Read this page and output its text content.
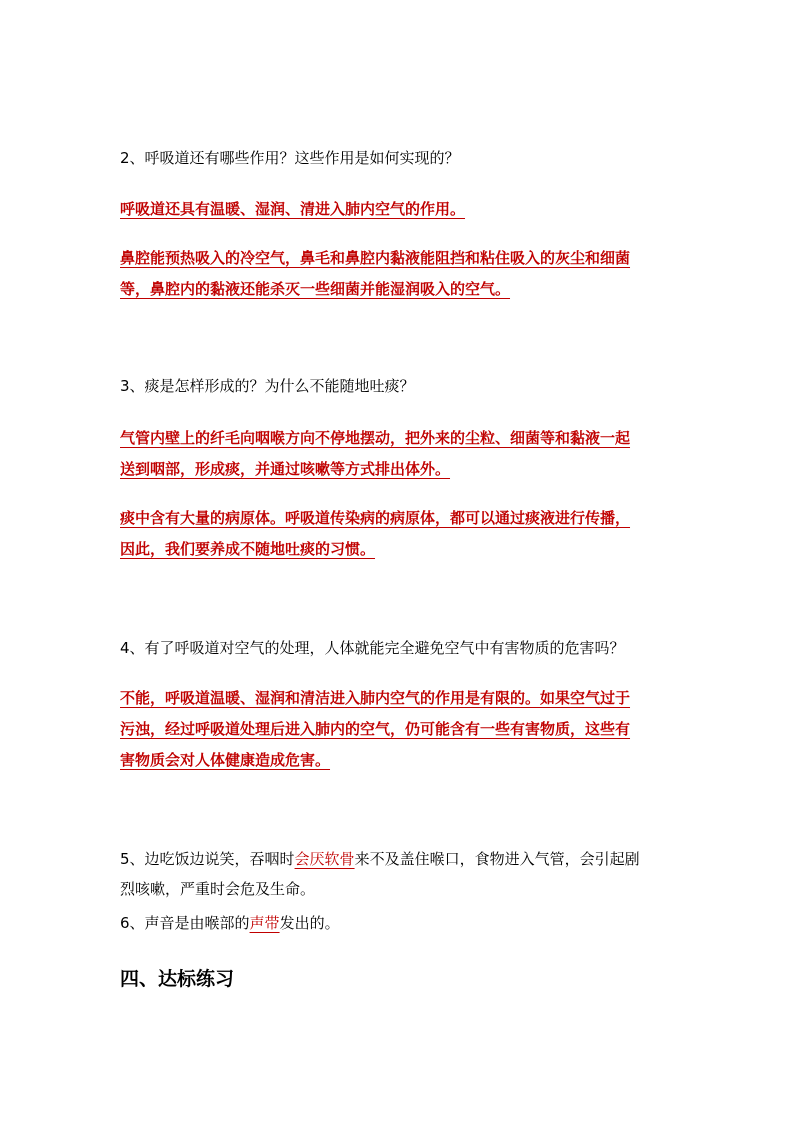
2、呼吸道还有哪些作用？这些作用是如何实现的？
呼吸道还具有温暖、湿润、清进入肺内空气的作用。
鼻腔能预热吸入的冷空气，鼻毛和鼻腔内黏液能阻挡和粘住吸入的灰尘和细菌
等，鼻腔内的黏液还能杀灭一些细菌并能湿润吸入的空气。
3、痰是怎样形成的？为什么不能随地吐痰？
气管内壁上的纤毛向咽喉方向不停地摆动，把外来的尘粒、细菌等和黏液一起
送到咽部，形成痰，并通过咳嗽等方式排出体外。
痰中含有大量的病原体。呼吸道传染病的病原体，都可以通过痰液进行传播，
因此，我们要养成不随地吐痰的习惯。
4、有了呼吸道对空气的处理，人体就能完全避免空气中有害物质的危害吗？
不能，呼吸道温暖、湿润和清洁进入肺内空气的作用是有限的。如果空气过于
污浊，经过呼吸道处理后进入肺内的空气，仍可能含有一些有害物质，这些有
害物质会对人体健康造成危害。
5、边吃饭边说笑，吞咽时会厌软骨来不及盖住喉口，食物进入气管，会引起剧
烈咳嗽，严重时会危及生命。
6、声音是由喉部的声带发出的。
四、达标练习
